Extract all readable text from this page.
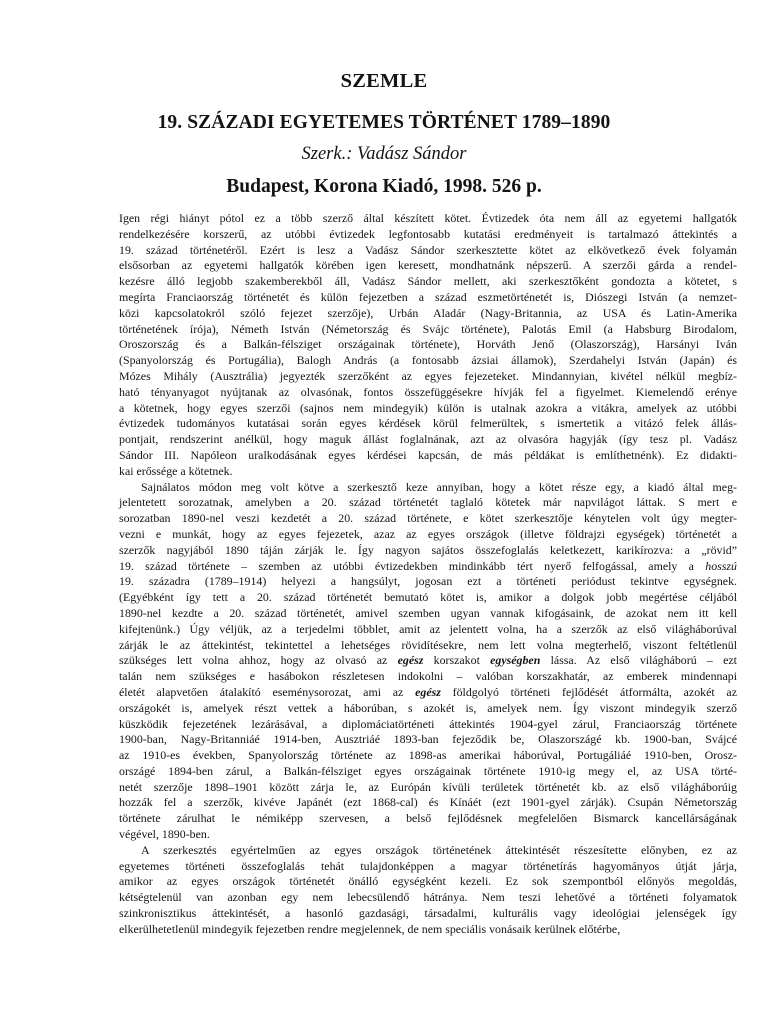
SZEMLE
19. SZÁZADI EGYETEMES TÖRTÉNET 1789–1890
Szerk.: Vadász Sándor
Budapest, Korona Kiadó, 1998. 526 p.
Igen régi hiányt pótol ez a több szerző által készített kötet. Évtizedek óta nem áll az egyetemi hallgatók
rendelkezésére korszerű, az utóbbi évtizedek legfontosabb kutatási eredményeit is tartalmazó áttekintés a
19. század történetéről. Ezért is lesz a Vadász Sándor szerkesztette kötet az elkövetkező évek folyamán
elsősorban az egyetemi hallgatók körében igen keresett, mondhatnánk népszerű. A szerzői gárda a rendel-
kezésre álló legjobb szakemberekből áll, Vadász Sándor mellett, aki szerkesztőként gondozta a kötetet, s
megírta Franciaország történetét és külön fejezetben a század eszmetörténetét is, Diószegi István (a nemzet-
közi kapcsolatokról szóló fejezet szerzője), Urbán Aladár (Nagy-Britannia, az USA és Latin-Amerika
történetének írója), Németh István (Németország és Svájc története), Palotás Emil (a Habsburg Birodalom,
Oroszország és a Balkán-félsziget országainak története), Horváth Jenő (Olaszország), Harsányi Iván
(Spanyolország és Portugália), Balogh András (a fontosabb ázsiai államok), Szerdahelyi István (Japán) és
Mózes Mihály (Ausztrália) jegyezték szerzőként az egyes fejezeteket. Mindannyian, kivétel nélkül megbíz-
ható tényanyagot nyújtanak az olvasónak, fontos összefüggésekre hívják fel a figyelmet. Kiemelendő erénye
a kötetnek, hogy egyes szerzői (sajnos nem mindegyik) külön is utalnak azokra a vitákra, amelyek az utóbbi
évtizedek tudományos kutatásai során egyes kérdések körül felmerültek, s ismertetik a vitázó felek állás-
pontjait, rendszerint anélkül, hogy maguk állást foglalnának, azt az olvasóra hagyják (így tesz pl. Vadász
Sándor III. Napóleon uralkodásának egyes kérdései kapcsán, de más példákat is említhetnénk). Ez didakti-
kai erőssége a kötetnek.
Sajnálatos módon meg volt kötve a szerkesztő keze annyiban, hogy a kötet része egy, a kiadó által meg-
jelentetett sorozatnak, amelyben a 20. század történetét taglaló kötetek már napvilágot láttak. S mert e
sorozatban 1890-nel veszi kezdetét a 20. század története, e kötet szerkesztője kénytelen volt úgy megter-
vezni e munkát, hogy az egyes fejezetek, azaz az egyes országok (illetve földrajzi egységek) történetét a
szerzők nagyjából 1890 táján zárják le. Így nagyon sajátos összefoglalás keletkezett, karikírozva: a „rövid”
19. század története – szemben az utóbbi évtizedekben mindinkább tért nyerő felfogással, amely a hosszú
19. századra (1789–1914) helyezi a hangsúlyt, jogosan ezt a történeti periódust tekintve egységnek.
(Egyébként így tett a 20. század történetét bemutató kötet is, amikor a dolgok jobb megértése céljából
1890-nel kezdte a 20. század történetét, amivel szemben ugyan vannak kifogásaink, de azokat nem itt kell
kifejtenünk.) Úgy véljük, az a terjedelmi többlet, amit az jelentett volna, ha a szerzők az első világháborúval
zárják le az áttekintést, tekintettel a lehetséges rövidítésekre, nem lett volna megterhelő, viszont feltétlenül
szükséges lett volna ahhoz, hogy az olvasó az egész korszakot egységben lássa. Az első világháború – ezt
talán nem szükséges e hasábokon részletesen indokolni – valóban korszakhatár, az emberek mindennapi
életét alapvetően átalakító eseménysorozat, ami az egész földgolyó történeti fejlődését átformálta, azokét az
országokét is, amelyek részt vettek a háborúban, s azokét is, amelyek nem. Így viszont mindegyik szerző
küszködik fejezetének lezárásával, a diplomáciatörténeti áttekintés 1904-gyel zárul, Franciaország története
1900-ban, Nagy-Britanniáé 1914-ben, Ausztriáé 1893-ban fejeződik be, Olaszországé kb. 1900-ban, Svájcé
az 1910-es években, Spanyolország története az 1898-as amerikai háborúval, Portugáliáé 1910-ben, Orosz-
országé 1894-ben zárul, a Balkán-félsziget egyes országainak története 1910-ig megy el, az USA törté-
netét szerzője 1898–1901 között zárja le, az Európán kívüli területek történetét kb. az első világháborúig
hozzák fel a szerzők, kivéve Japánét (ezt 1868-cal) és Kínáét (ezt 1901-gyel zárják). Csupán Németország
története zárulhat le némiképp szervesen, a belső fejlődésnek megfelelően Bismarck kancellárságának
végével, 1890-ben.
A szerkesztés egyértelműen az egyes országok történetének áttekintését részesítette előnyben, ez az
egyetemes történeti összefoglalás tehát tulajdonképpen a magyar történetírás hagyományos útját járja,
amikor az egyes országok történetét önálló egységként kezeli. Ez sok szempontból előnyös megoldás,
kétségtelenül van azonban egy nem lebecsülendő hátránya. Nem teszi lehetővé a történeti folyamatok
szinkronisztikus áttekintését, a hasonló gazdasági, társadalmi, kulturális vagy ideológiai jelenségek így
elkerülhetetlenül mindegyik fejezetben rendre megjelennek, de nem speciális vonásaik kerülnek előtérbe,
